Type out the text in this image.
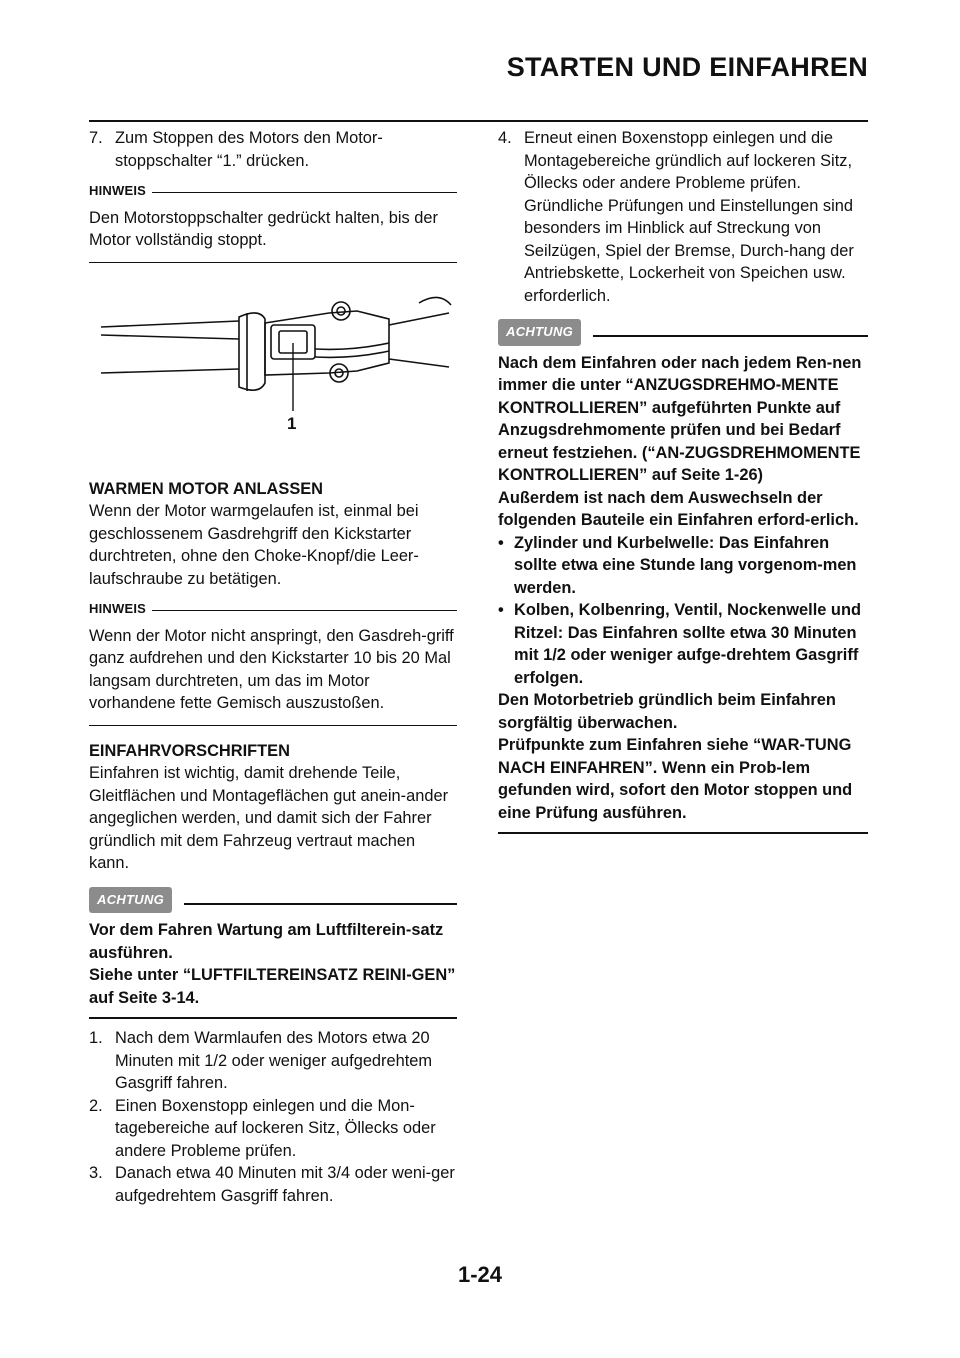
STARTEN UND EINFAHREN
7. Zum Stoppen des Motors den Motor-stoppschalter “1.” drücken.
HINWEIS

Den Motorstoppschalter gedrückt halten, bis der Motor vollständig stoppt.

1

WARMEN MOTOR ANLASSEN

Wenn der Motor warmgelaufen ist, einmal bei geschlossenem Gasdrehgriff den Kickstarter durchtreten, ohne den Choke-Knopf/die Leer-laufschraube zu betätigen.

HINWEIS

Wenn der Motor nicht anspringt, den Gasdreh-griff ganz aufdrehen und den Kickstarter 10 bis 20 Mal langsam durchtreten, um das im Motor vorhandene fette Gemisch auszustoßen.

EINFAHRVORSCHRIFTEN

Einfahren ist wichtig, damit drehende Teile, Gleitflächen und Montageflächen gut anein-ander angeglichen werden, und damit sich der Fahrer gründlich mit dem Fahrzeug vertraut machen kann.

ACHTUNG

Vor dem Fahren Wartung am Luftfilterein-satz ausführen.

Siehe unter “LUFTFILTEREINSATZ REINI-GEN” auf Seite 3-14.

1. Nach dem Warmlaufen des Motors etwa 20 Minuten mit 1/2 oder weniger aufgedrehtem Gasgriff fahren.
2. Einen Boxenstopp einlegen und die Mon-tagebereiche auf lockeren Sitz, Öllecks oder andere Probleme prüfen.
3. Danach etwa 40 Minuten mit 3/4 oder weni-ger aufgedrehtem Gasgriff fahren.
4. Erneut einen Boxenstopp einlegen und die Montagebereiche gründlich auf lockeren Sitz, Öllecks oder andere Probleme prüfen. Gründliche Prüfungen und Einstellungen sind besonders im Hinblick auf Streckung von Seilzügen, Spiel der Bremse, Durch-hang der Antriebskette, Lockerheit von Speichen usw. erforderlich.
ACHTUNG

Nach dem Einfahren oder nach jedem Ren-nen immer die unter “ANZUGSDREHMO-MENTE KONTROLLIEREN” aufgeführten Punkte auf Anzugsdrehmomente prüfen und bei Bedarf erneut festziehen. (“AN-ZUGSDREHMOMENTE KONTROLLIEREN” auf Seite 1-26)

Außerdem ist nach dem Auswechseln der folgenden Bauteile ein Einfahren erford-erlich.

• Zylinder und Kurbelwelle: Das Einfahren sollte etwa eine Stunde lang vorgenom-men werden.
• Kolben, Kolbenring, Ventil, Nockenwelle und Ritzel: Das Einfahren sollte etwa 30 Minuten mit 1/2 oder weniger aufge-drehtem Gasgriff erfolgen.

Den Motorbetrieb gründlich beim Einfahren sorgfältig überwachen.

Prüfpunkte zum Einfahren siehe “WAR-TUNG NACH EINFAHREN”. Wenn ein Prob-lem gefunden wird, sofort den Motor stoppen und eine Prüfung ausführen.

1-24
